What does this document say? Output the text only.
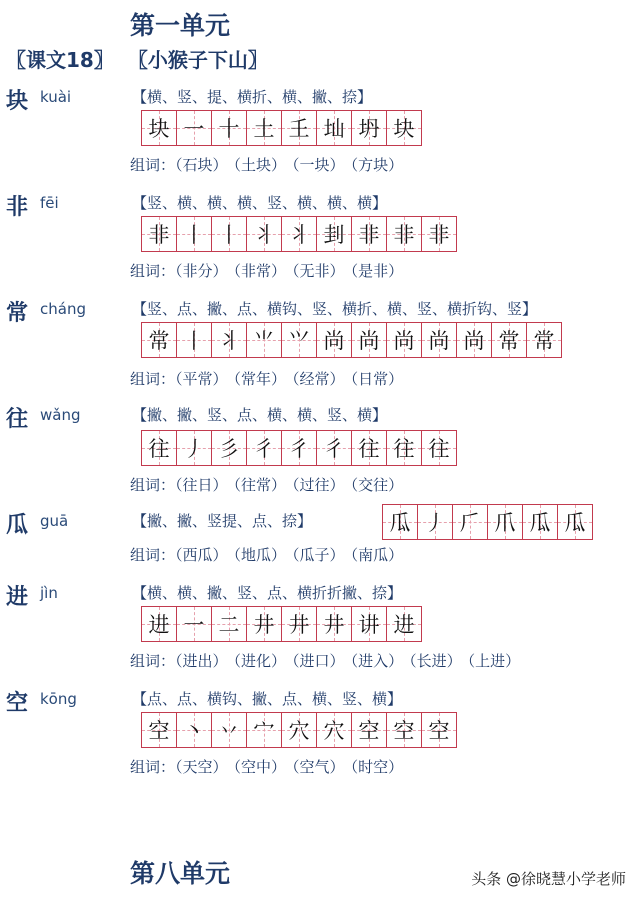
第一单元
〖课文18〗 〖小猴子下山〗
块 kuài	【横、竖、提、横折、横、撇、捺】
块 一 十 土 𡈼 圸 坍 块
组词：（石块） （土块） （一块） （方块）
非 fēi	【竖、横、横、横、竖、横、横、横】
非 丨 丨 丬 丬 刲 非 非 非
组词：（非分） （非常） （无非） （是非）
常 cháng	【竖、点、撇、点、横钩、竖、横折、横、竖、横折钩、竖】
常 丨 丬 ⺌ ⺍ 尚 尚 尚 尚 尚 常 常
组词：（平常） （常年） （经常） （日常）
往 wǎng	【撇、撇、竖、点、横、横、竖、横】
往 丿 彡 彳 彳 彳 往 往 往
组词：（往日） （往常） （过往） （交往）
瓜 guā	【撇、撇、竖提、点、捺】	瓜 丿 𠂆 爪 瓜 瓜
组词：（西瓜） （地瓜） （瓜子） （南瓜）
进 jìn	【横、横、撇、竖、点、横折折撇、捺】
进 一 二 井 井 井 讲 进
组词：（进出） （进化） （进口） （进入） （长进） （上进）
空 kōng	【点、点、横钩、撇、点、横、竖、横】
空 丶 丷 宀 穴 穴 空 空 空
组词：（天空） （空中） （空气） （时空）
第八单元	头条 @徐晓慧小学老师
